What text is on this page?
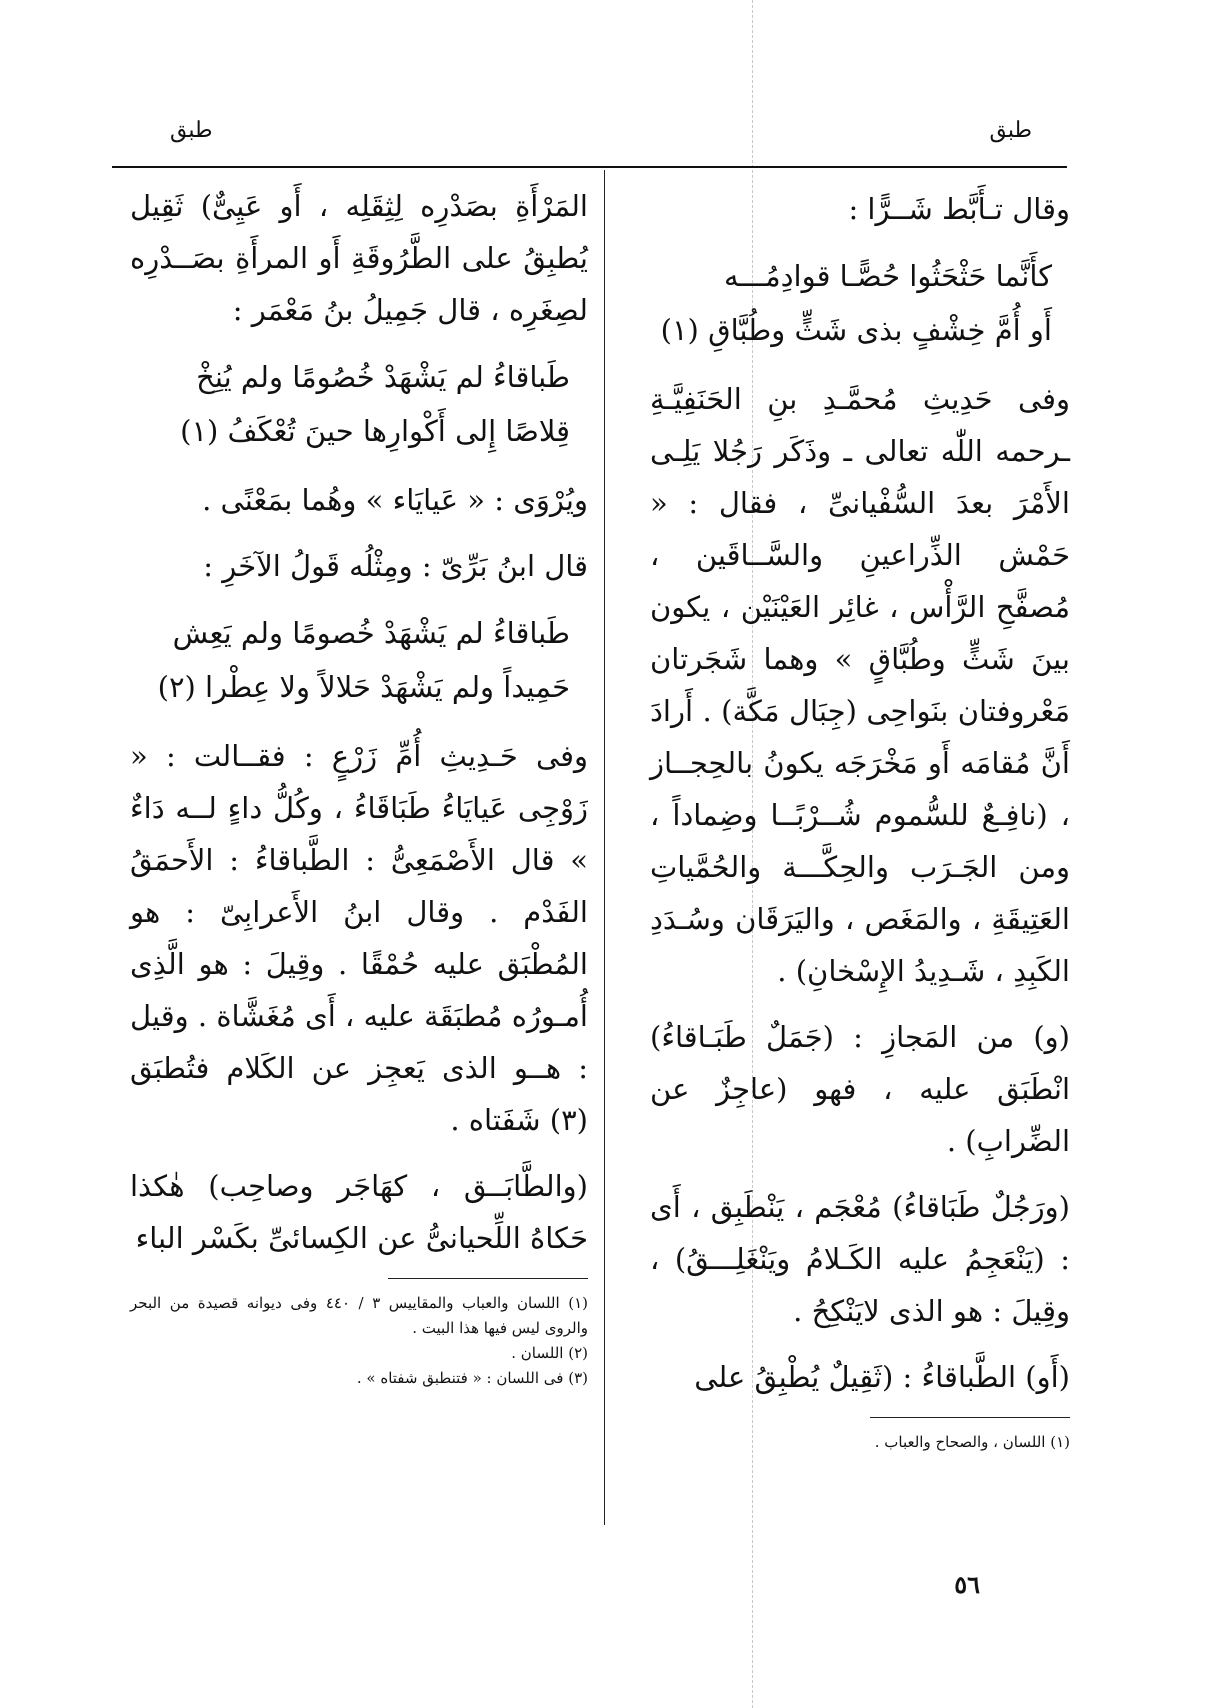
طبق
طبق
وقال تـأَبَّط شَــرًّا :
كأَنَّما حَثْحَثُوا حُصًّـا قوادِمُـــه
أَو أُمَّ خِشْفٍ بذى شَثٍّ وطُبَّاقِ (١)
وفى حَدِيثِ مُحمَّـدِ بنِ الحَنَفِيَّـةِ ـرحمه اللّٰه تعالى ـ وذَكَر رَجُلا يَلِـى الأَمْرَ بعدَ السُّفْيانىِّ ، فقال : « حَمْش الذِّراعينِ والسَّــاقَين ، مُصفَّحِ الرَّأْس ، غائِر العَيْنَيْن ، يكون بينَ شَثٍّ وطُبَّاقٍ » وهما شَجَرتان مَعْروفتان بنَواحِى (جِبَال مَكَّة) . أَرادَ أَنَّ مُقامَه أَو مَخْرَجَه يكونُ بالحِجــاز ، (نافِـعٌ للسُّموم شُــرْبًــا وضِماداً ، ومن الجَـرَب والحِكَّـــة والحُمَّياتِ العَتِيقَةِ ، والمَغَص ، واليَرَقَان وسُـدَدِ الكَبِدِ ، شَـدِيدُ الإِسْخانِ) .
(و) من المَجازِ : (جَمَلٌ طَبَـاقاءُ) انْطَبَق عليه ، فهو (عاجِزٌ عن الضِّرابِ) .
(ورَجُلٌ طَبَاقاءُ) مُعْجَم ، يَنْطَبِق ، أَى : (يَنْعَجِمُ عليه الكَـلامُ ويَنْغَلِـــقُ) ، وقِيلَ : هو الذى لايَنْكِحُ .
(أَو) الطَّباقاءُ : (ثَقِيلٌ يُطْبِقُ على
(١) اللسان ، والصحاح والعباب .
المَرْأَةِ بصَدْرِه لِثِقَلِه ، أَو عَيِىٌّ) ثَقِيل يُطبِقُ على الطَّرُوقَةِ أَو المرأَةِ بصَــدْرِه لصِغَرِه ، قال جَمِيلُ بنُ مَعْمَر :
طَباقاءُ لم يَشْهَدْ خُصُومًا ولم يُنِخْ
قِلاصًا إِلى أَكْوارِها حينَ تُعْكَفُ (١)
ويُرْوَى : « عَيايَاء » وهُما بمَعْنًى .
قال ابنُ بَرِّىّ : ومِثْلُه قَولُ الآخَرِ :
طَباقاءُ لم يَشْهَدْ خُصومًا ولم يَعِش
حَمِيداً ولم يَشْهَدْ حَلالاً ولا عِطْرا (٢)
وفى حَـدِيثِ أُمِّ زَرْعٍ : فقــالت : « زَوْجِى عَيايَاءُ طَبَاقَاءُ ، وكُلُّ داءٍ لــه دَاءٌ » قال الأَصْمَعِىُّ : الطَّباقاءُ : الأَحمَقُ الفَدْم . وقال ابنُ الأَعرابِىّ : هو المُطْبَق عليه حُمْقًا . وقِيلَ : هو الَّذِى أُمـورُه مُطبَقَة عليه ، أَى مُغَشَّاة . وقيل : هــو الذى يَعجِز عن الكَلام فتُطبَق (٣) شَفَتاه .
(والطَّابَــق ، كهَاجَر وصاحِب) هٰكذا حَكاهُ اللِّحيانىُّ عن الكِسائىِّ بكَسْر الباء
(١) اللسان والعباب والمقاييس ٣ / ٤٤٠ وفى ديوانه قصيدة من البحر والروى ليس فيها هذا البيت .
(٢) اللسان .
(٣) فى اللسان : « فتنطبق شفتاه » .
٥٦
